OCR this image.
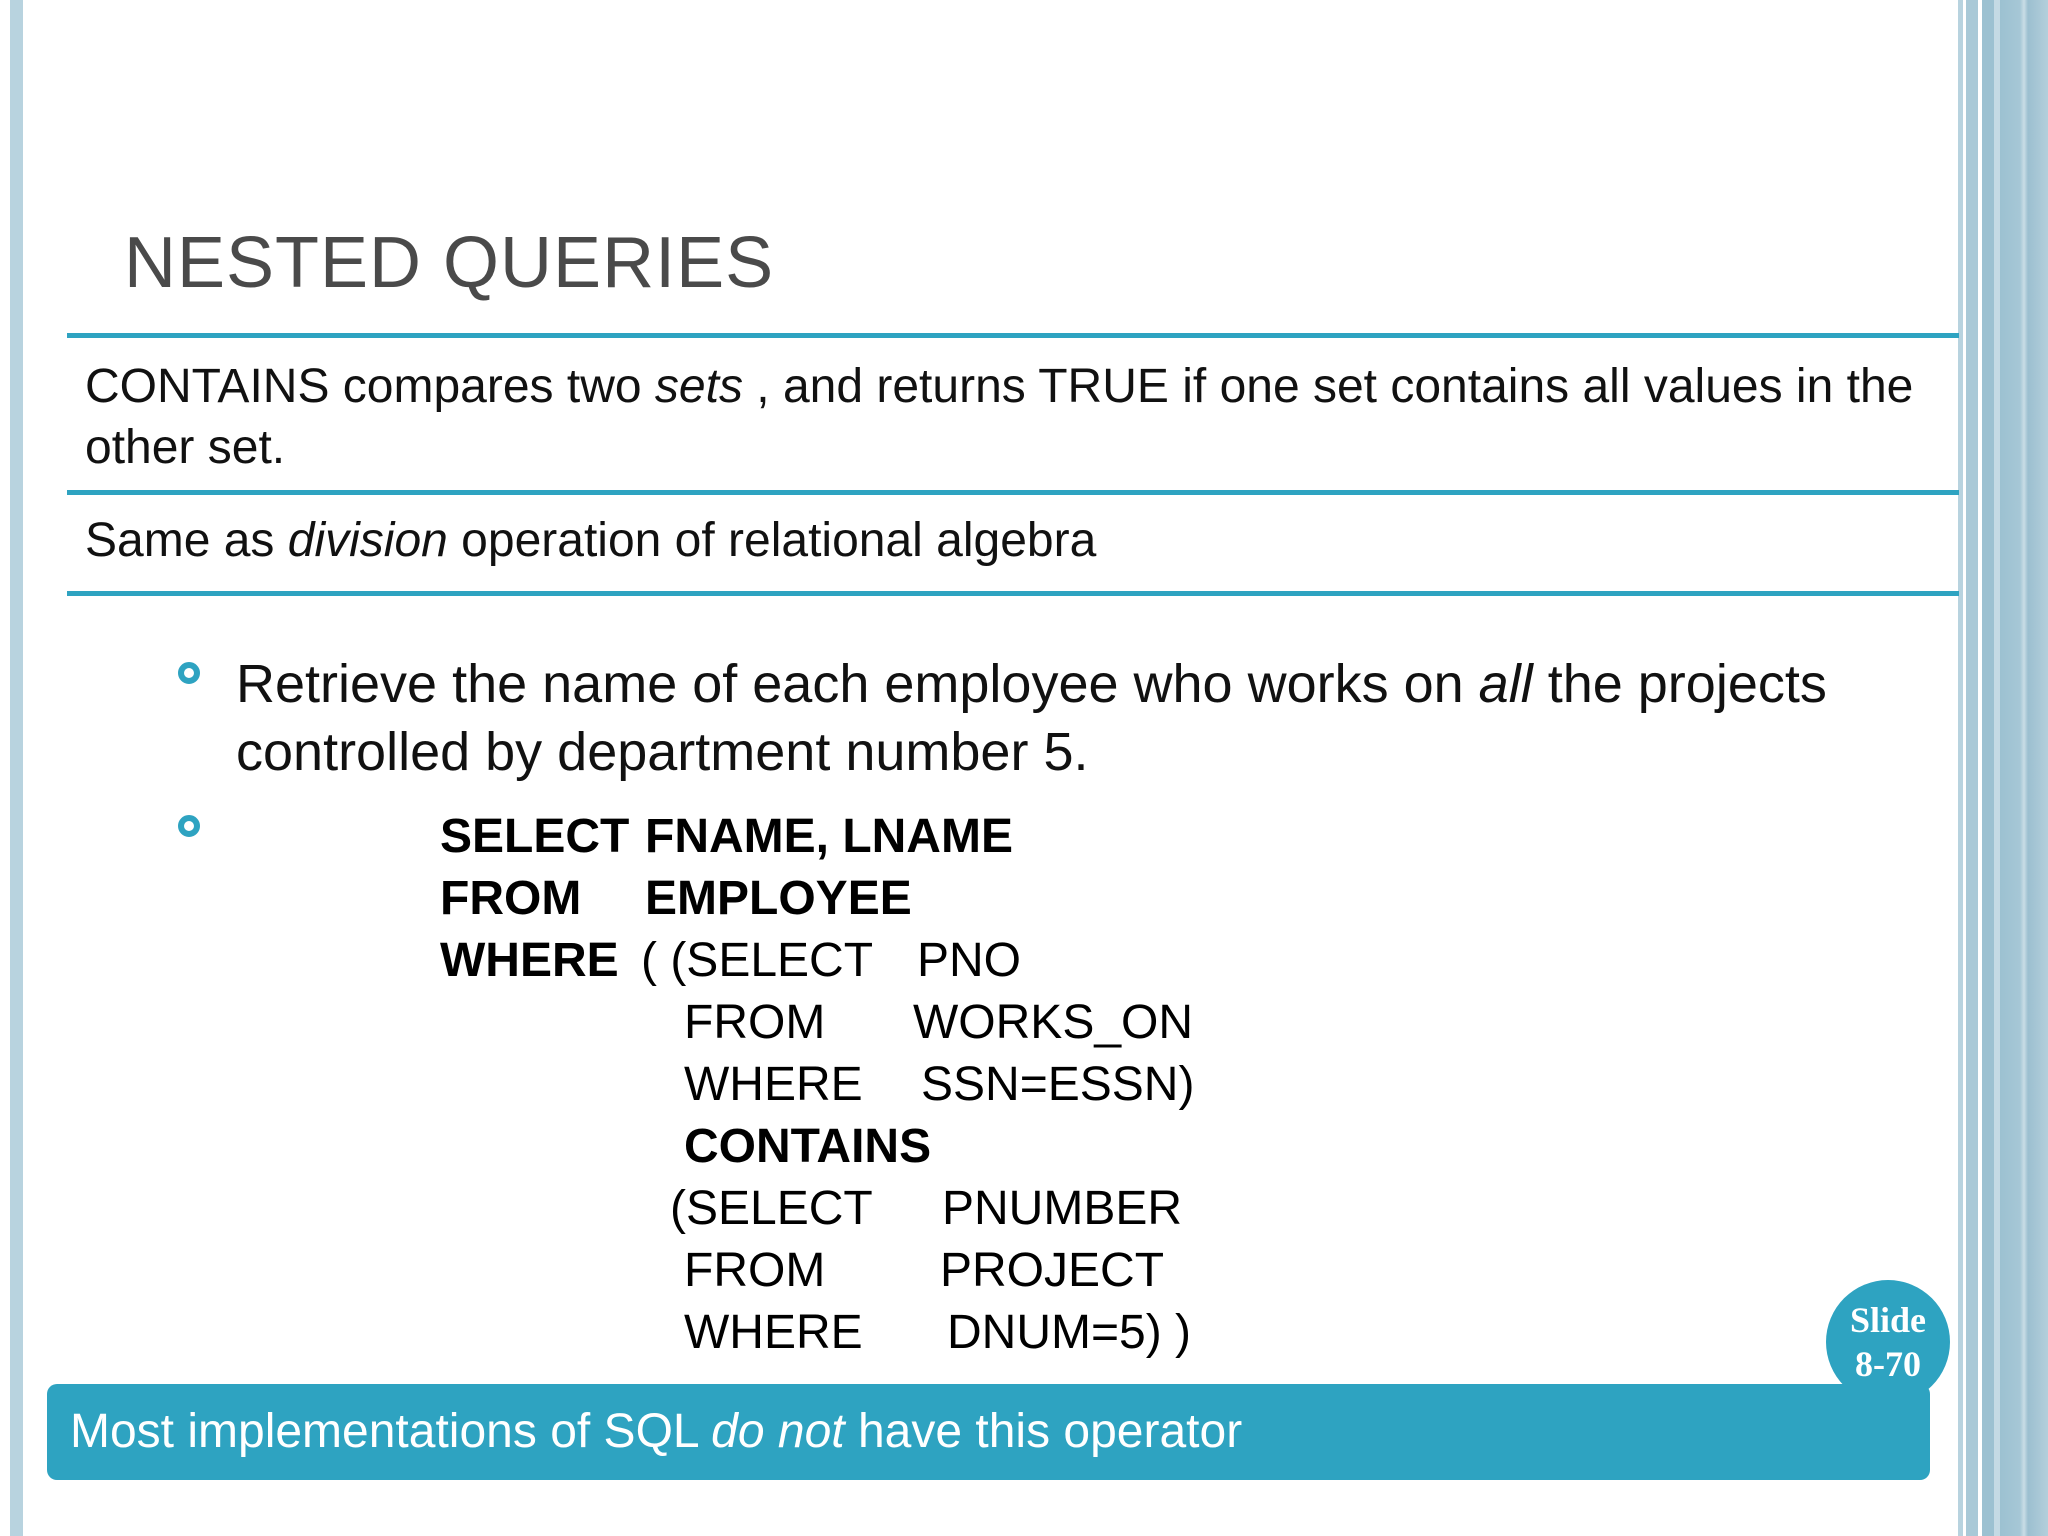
NESTED QUERIES
CONTAINS compares two sets , and returns TRUE if one set contains all values in the other set.
Same as division operation of relational algebra
Retrieve the name of each employee who works on all the projects controlled by department number 5.
SELECT FNAME, LNAME
FROM EMPLOYEE
WHERE ( (SELECT PNO
FROM WORKS_ON
WHERE SSN=ESSN)
CONTAINS
(SELECT PNUMBER
FROM PROJECT
WHERE DNUM=5) )	Slide
8-70
Most implementations of SQL do not have this operator
